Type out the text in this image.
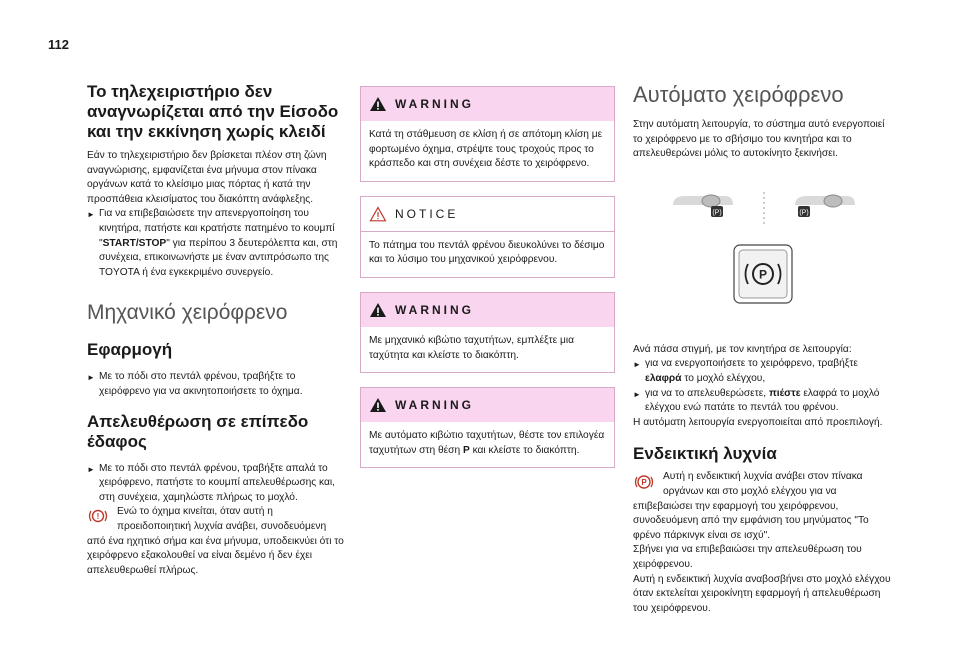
112
Το τηλεχειριστήριο δεν αναγνωρίζεται από την Είσοδο και την εκκίνηση χωρίς κλειδί

Εάν το τηλεχειριστήριο δεν βρίσκεται πλέον στη ζώνη αναγνώρισης, εμφανίζεται ένα μήνυμα στον πίνακα οργάνων κατά το κλείσιμο μιας πόρτας ή κατά την προσπάθεια κλεισίματος του διακόπτη ανάφλεξης.

► Για να επιβεβαιώσετε την απενεργοποίηση του κινητήρα, πατήστε και κρατήστε πατημένο το κουμπί "START/STOP" για περίπου 3 δευτερόλεπτα και, στη συνέχεια, επικοινωνήστε με έναν αντιπρόσωπο της TOYOTA ή ένα εγκεκριμένο συνεργείο.

Μηχανικό χειρόφρενο
Εφαρμογή

► Με το πόδι στο πεντάλ φρένου, τραβήξτε το χειρόφρενο για να ακινητοποιήσετε το όχημα.

Απελευθέρωση σε επίπεδο έδαφος

► Με το πόδι στο πεντάλ φρένου, τραβήξτε απαλά το χειρόφρενο, πατήστε το κουμπί απελευθέρωσης και, στη συνέχεια, χαμηλώστε πλήρως το μοχλό.

! Ενώ το όχημα κινείται, όταν αυτή η προειδοποιητική λυχνία ανάβει, συνοδευόμενη από ένα ηχητικό σήμα και ένα μήνυμα, υποδεικνύει ότι το χειρόφρενο εξακολουθεί να είναι δεμένο ή δεν έχει απελευθερωθεί πλήρως.

WARNING

Κατά τη στάθμευση σε κλίση ή σε απότομη κλίση με φορτωμένο όχημα, στρέψτε τους τροχούς προς το κράσπεδο και στη συνέχεια δέστε το χειρόφρενο.

NOTICE

Το πάτημα του πεντάλ φρένου διευκολύνει το δέσιμο και το λύσιμο του μηχανικού χειρόφρενου.

WARNING

Με μηχανικό κιβώτιο ταχυτήτων, εμπλέξτε μια ταχύτητα και κλείστε το διακόπτη.

WARNING

Με αυτόματο κιβώτιο ταχυτήτων, θέστε τον επιλογέα ταχυτήτων στη θέση P και κλείστε το διακόπτη.

Αυτόματο χειρόφρενο

Στην αυτόματη λειτουργία, το σύστημα αυτό ενεργοποιεί το χειρόφρενο με το σβήσιμο του κινητήρα και το απελευθερώνει μόλις το αυτοκίνητο ξεκινήσει.

(P)	(P)
P

Ανά πάσα στιγμή, με τον κινητήρα σε λειτουργία:

► για να ενεργοποιήσετε το χειρόφρενο, τραβήξτε ελαφρά το μοχλό ελέγχου,

► για να το απελευθερώσετε, πιέστε ελαφρά το μοχλό ελέγχου ενώ πατάτε το πεντάλ του φρένου.

Η αυτόματη λειτουργία ενεργοποιείται από προεπιλογή.

Ενδεικτική λυχνία

P
Αυτή η ενδεικτική λυχνία ανάβει στον πίνακα οργάνων και στο μοχλό ελέγχου για να επιβεβαιώσει την εφαρμογή του χειρόφρενου, συνοδευόμενη από την εμφάνιση του μηνύματος "Το φρένο πάρκινγκ είναι σε ισχύ".

Σβήνει για να επιβεβαιώσει την απελευθέρωση του χειρόφρενου.

Αυτή η ενδεικτική λυχνία αναβοσβήνει στο μοχλό ελέγχου όταν εκτελείται χειροκίνητη εφαρμογή ή απελευθέρωση του χειρόφρενου.
